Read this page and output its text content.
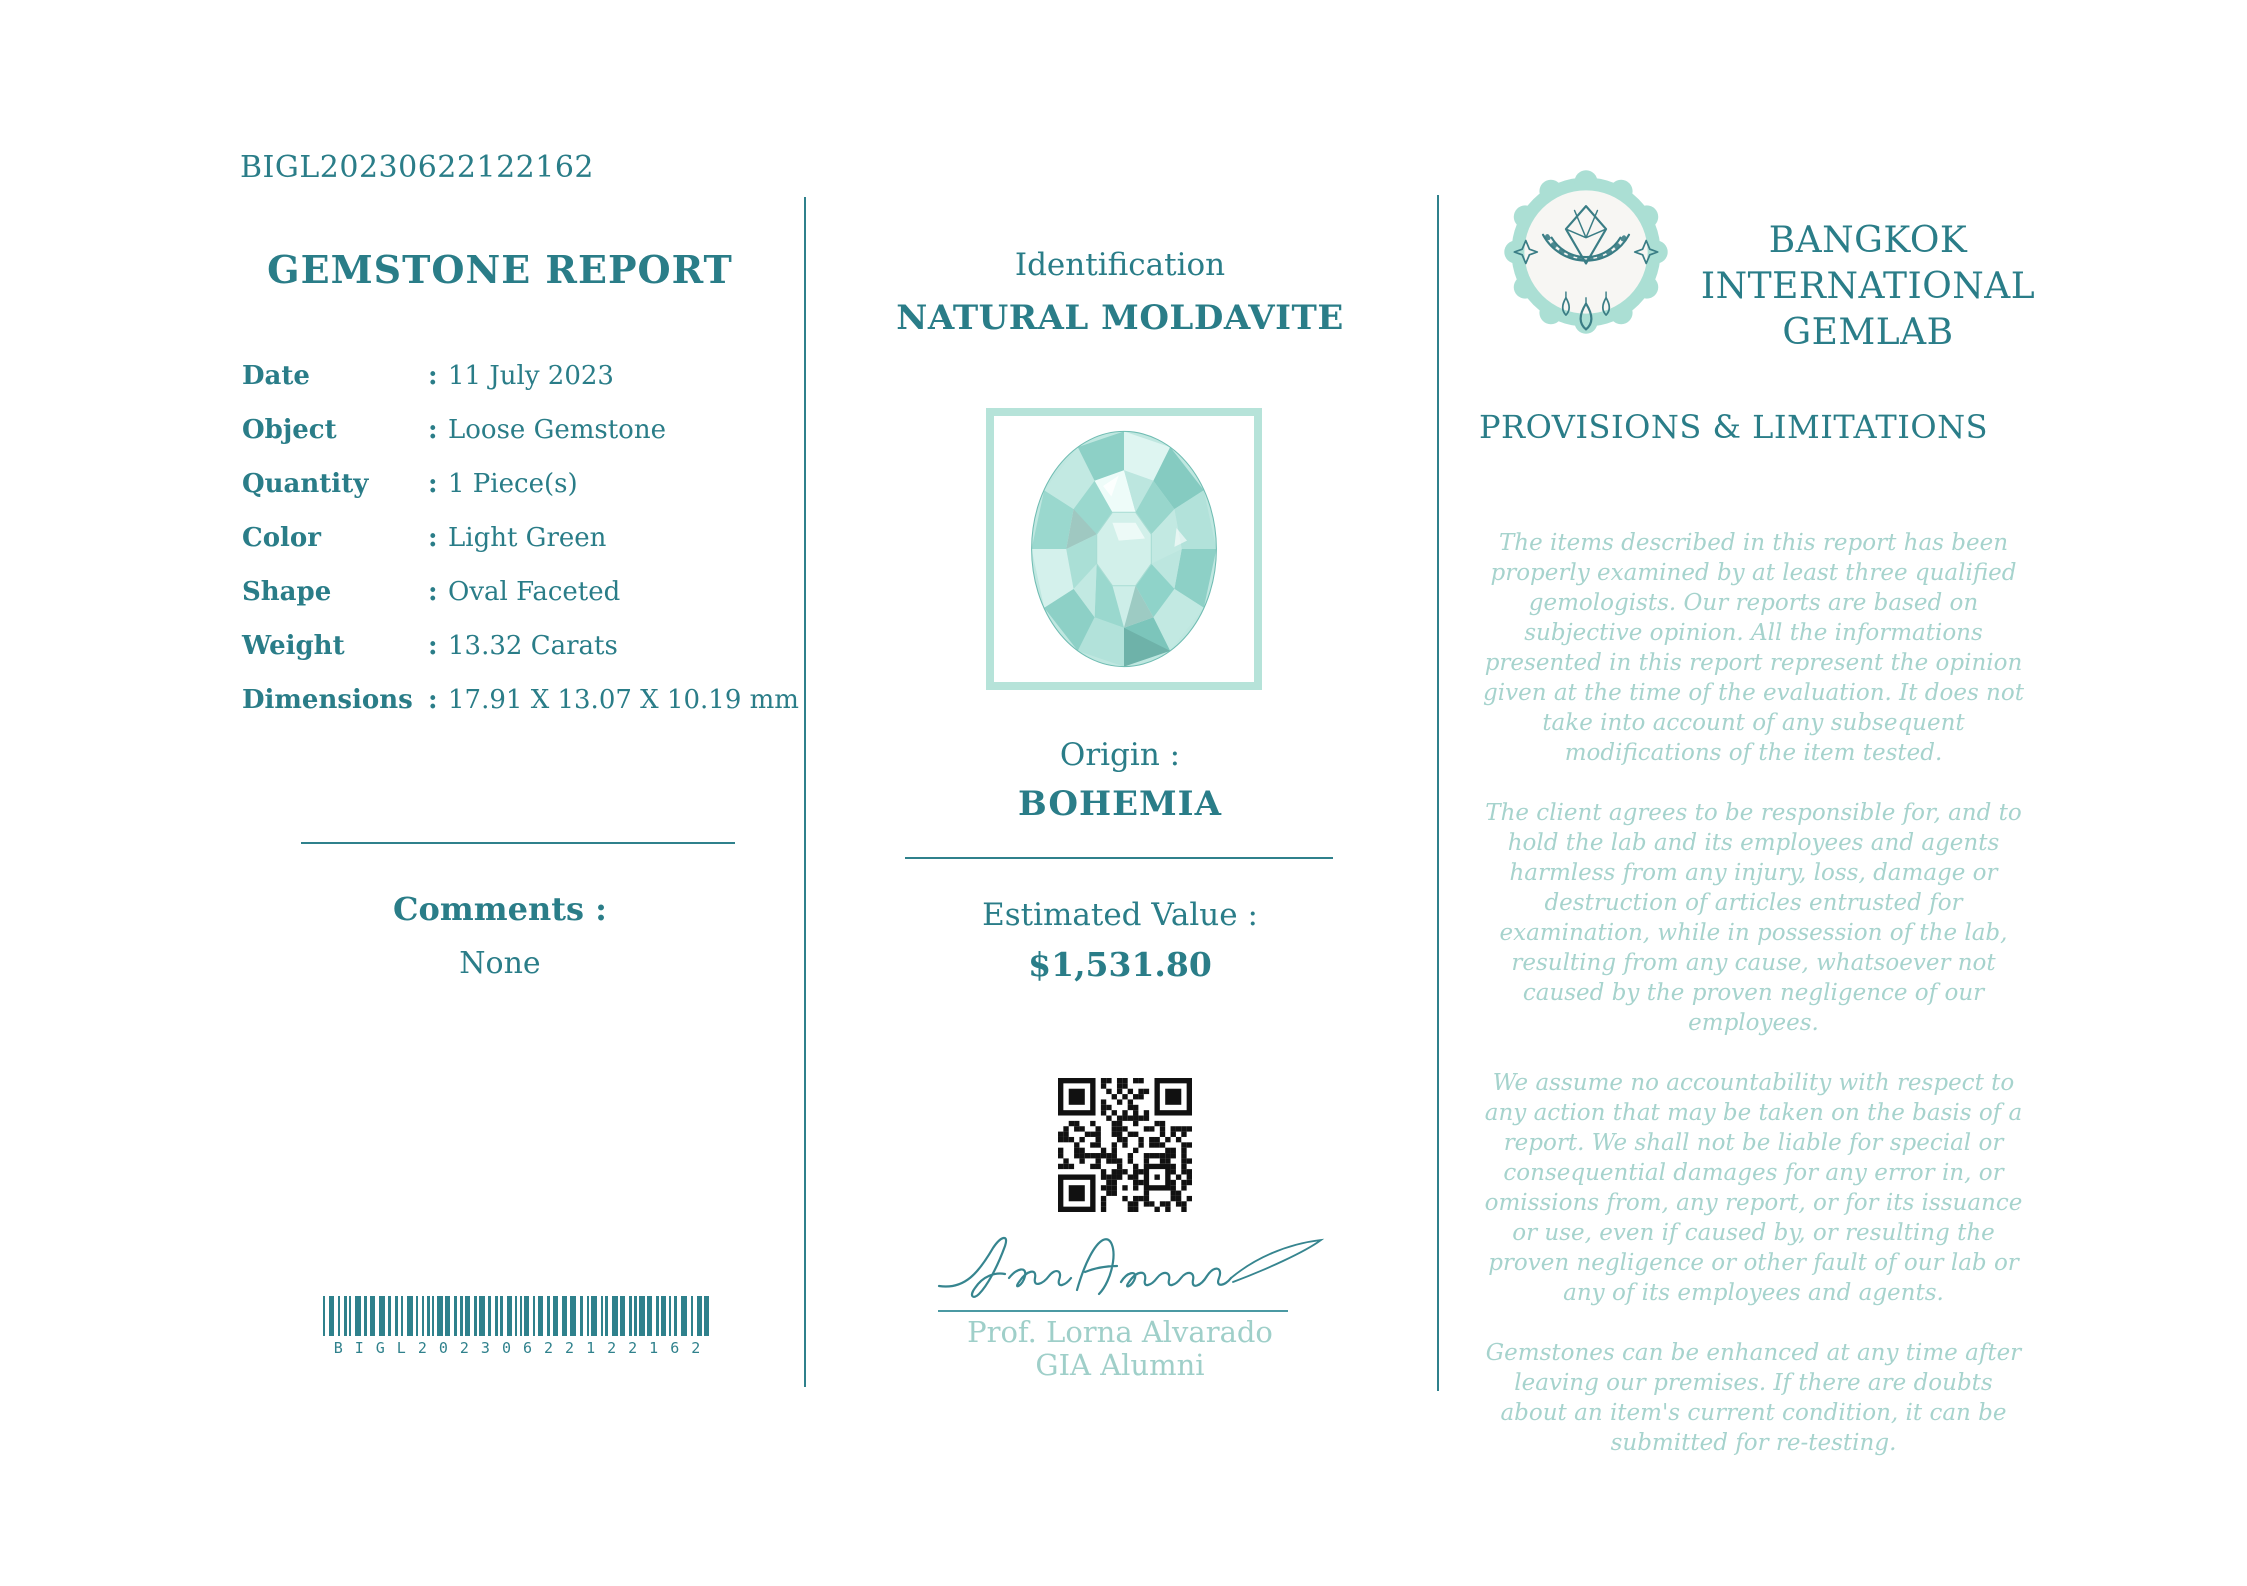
BIGL20230622122162
GEMSTONE REPORT
Date	: 11 July 2023
Object	: Loose Gemstone
Quantity	: 1 Piece(s)
Color	: Light Green
Shape	: Oval Faceted
Weight	: 13.32 Carats
Dimensions : 17.91 X 13.07 X 10.19 mm
Comments :
None
BIGL20230622122162
Identification
NATURAL MOLDAVITE
Origin :
BOHEMIA
Estimated Value :
$1,531.80
Prof. Lorna Alvarado
GIA Alumni
BANGKOK INTERNATIONAL GEMLAB
PROVISIONS & LIMITATIONS

The items described in this report has been properly examined by at least three qualified gemologists. Our reports are based on subjective opinion. All the informations presented in this report represent the opinion given at the time of the evaluation. It does not take into account of any subsequent modifications of the item tested.

The client agrees to be responsible for, and to hold the lab and its employees and agents harmless from any injury, loss, damage or destruction of articles entrusted for examination, while in possession of the lab, resulting from any cause, whatsoever not caused by the proven negligence of our employees.

We assume no accountability with respect to any action that may be taken on the basis of a report. We shall not be liable for special or consequential damages for any error in, or omissions from, any report, or for its issuance or use, even if caused by, or resulting the proven negligence or other fault of our lab or any of its employees and agents.

Gemstones can be enhanced at any time after leaving our premises. If there are doubts about an item's current condition, it can be submitted for re-testing.
